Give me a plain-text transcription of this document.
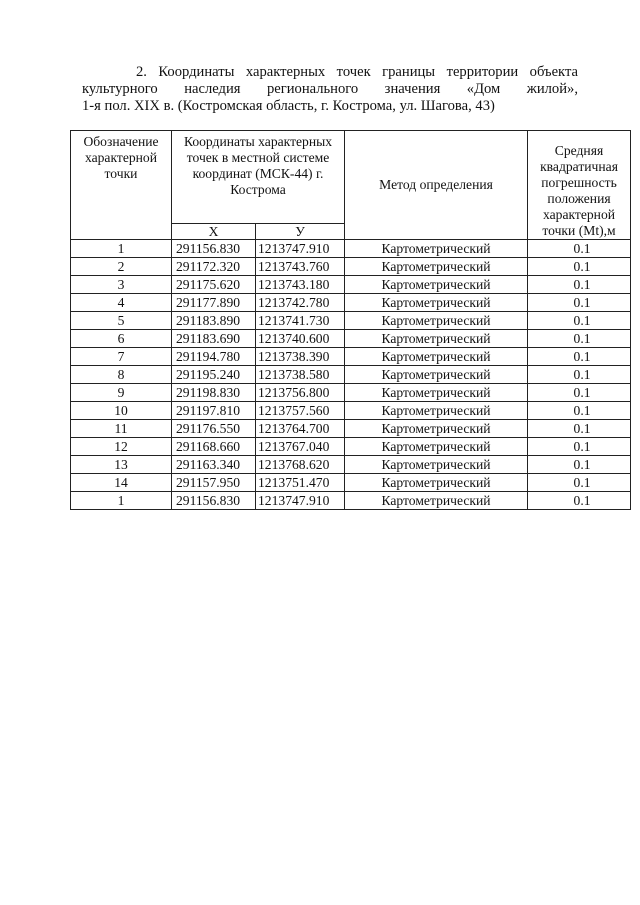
2. Координаты характерных точек границы территории объекта
культурного наследия регионального значения «Дом жилой»,
1-я пол. XIX в. (Костромская область, г. Кострома, ул. Шагова, 43)
Обозначение характерной точки	Координаты характерных точек в местной системе координат (МСК-44) г. Кострома		Метод определения	Средняя квадратичная погрешность положения характерной точки (Mt),м
	Х	У		
1	291156.830	1213747.910	Картометрический	0.1
2	291172.320	1213743.760	Картометрический	0.1
3	291175.620	1213743.180	Картометрический	0.1
4	291177.890	1213742.780	Картометрический	0.1
5	291183.890	1213741.730	Картометрический	0.1
6	291183.690	1213740.600	Картометрический	0.1
7	291194.780	1213738.390	Картометрический	0.1
8	291195.240	1213738.580	Картометрический	0.1
9	291198.830	1213756.800	Картометрический	0.1
10	291197.810	1213757.560	Картометрический	0.1
11	291176.550	1213764.700	Картометрический	0.1
12	291168.660	1213767.040	Картометрический	0.1
13	291163.340	1213768.620	Картометрический	0.1
14	291157.950	1213751.470	Картометрический	0.1
1	291156.830	1213747.910	Картометрический	0.1
